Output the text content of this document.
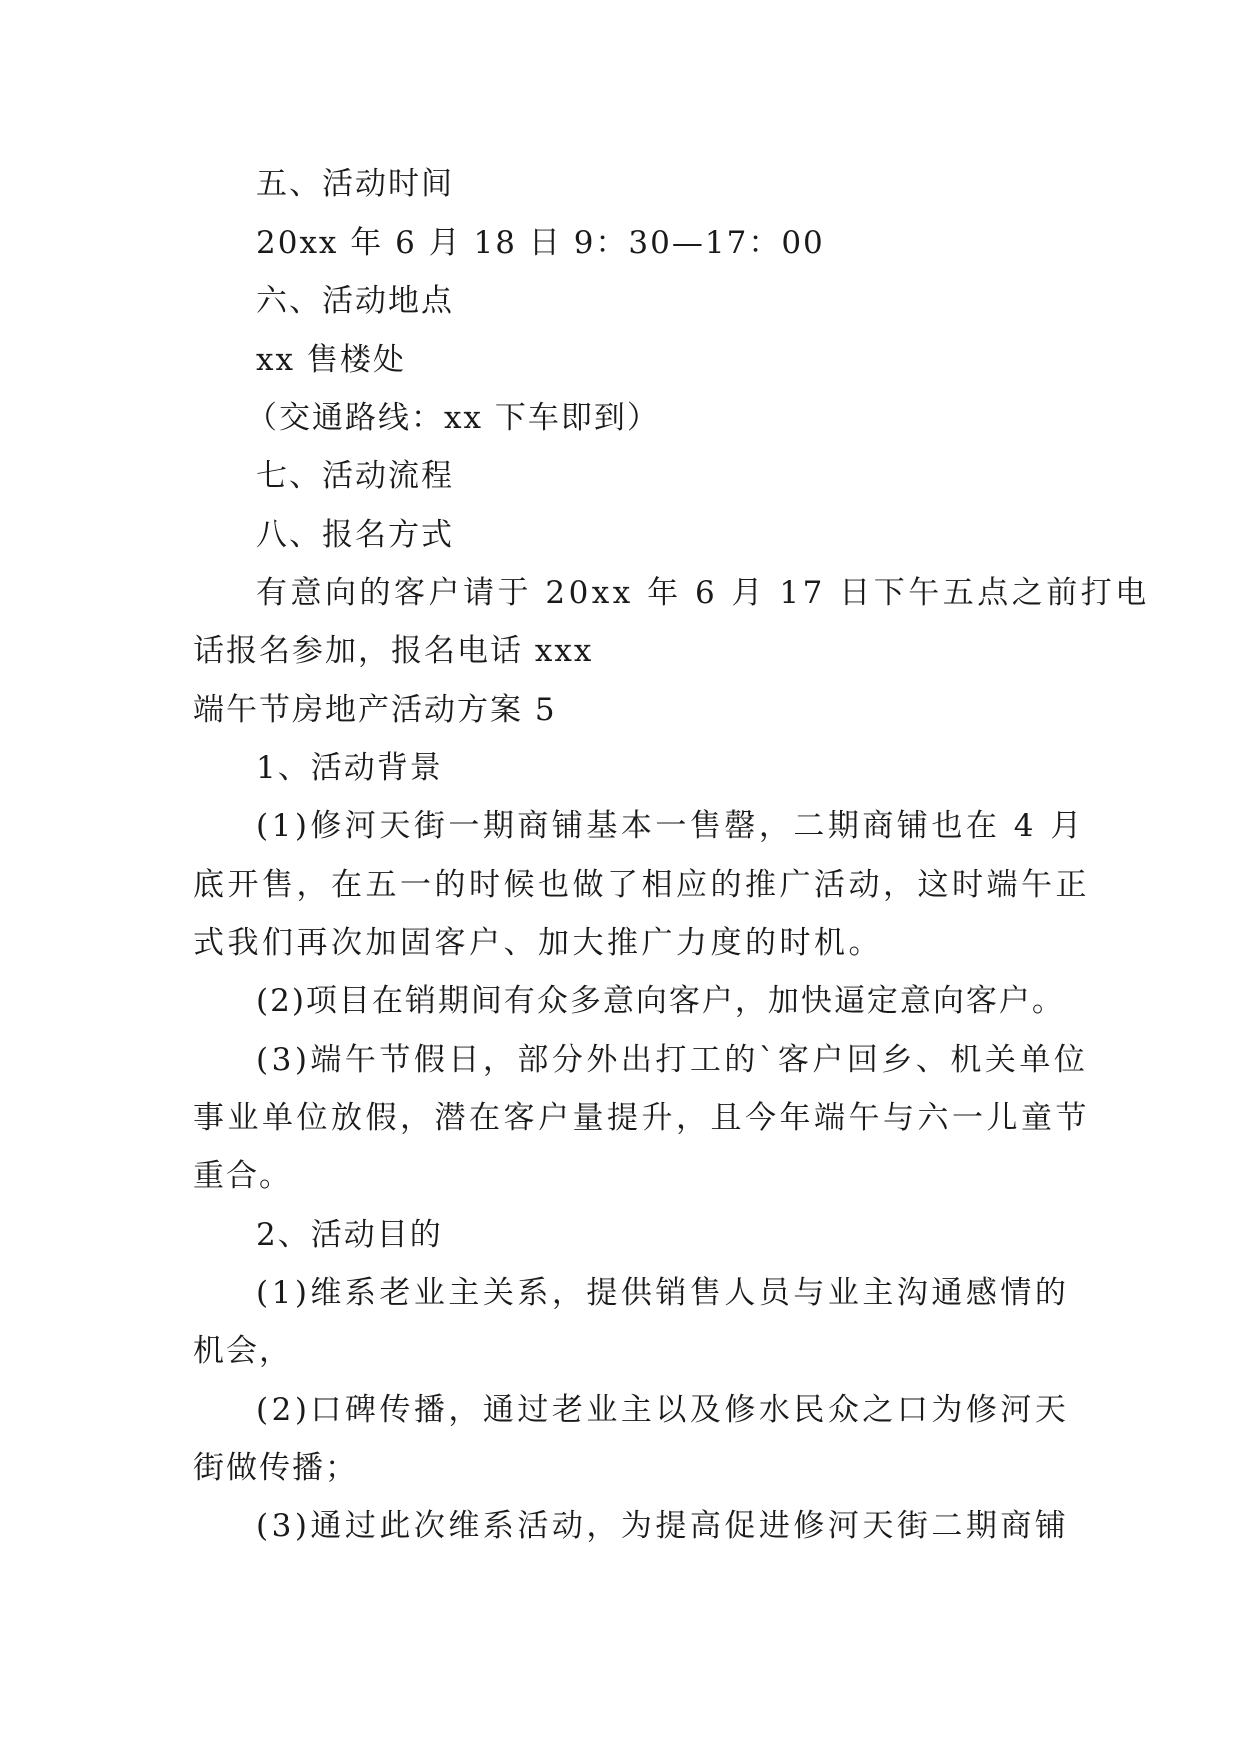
五、活动时间
20xx 年 6 月 18 日 9：30—17：00
六、活动地点
xx 售楼处
（交通路线：xx 下车即到）
七、活动流程
八、报名方式
有意向的客户请于 20xx 年 6 月 17 日下午五点之前打电
话报名参加，报名电话 xxx
端午节房地产活动方案 5
1、活动背景
(1)修河天街一期商铺基本一售罄，二期商铺也在 4 月
底开售，在五一的时候也做了相应的推广活动，这时端午正
式我们再次加固客户、加大推广力度的时机。
(2)项目在销期间有众多意向客户，加快逼定意向客户。
(3)端午节假日，部分外出打工的`客户回乡、机关单位
事业单位放假，潜在客户量提升，且今年端午与六一儿童节
重合。
2、活动目的
(1)维系老业主关系，提供销售人员与业主沟通感情的
机会，
(2)口碑传播，通过老业主以及修水民众之口为修河天
街做传播；
(3)通过此次维系活动，为提高促进修河天街二期商铺
